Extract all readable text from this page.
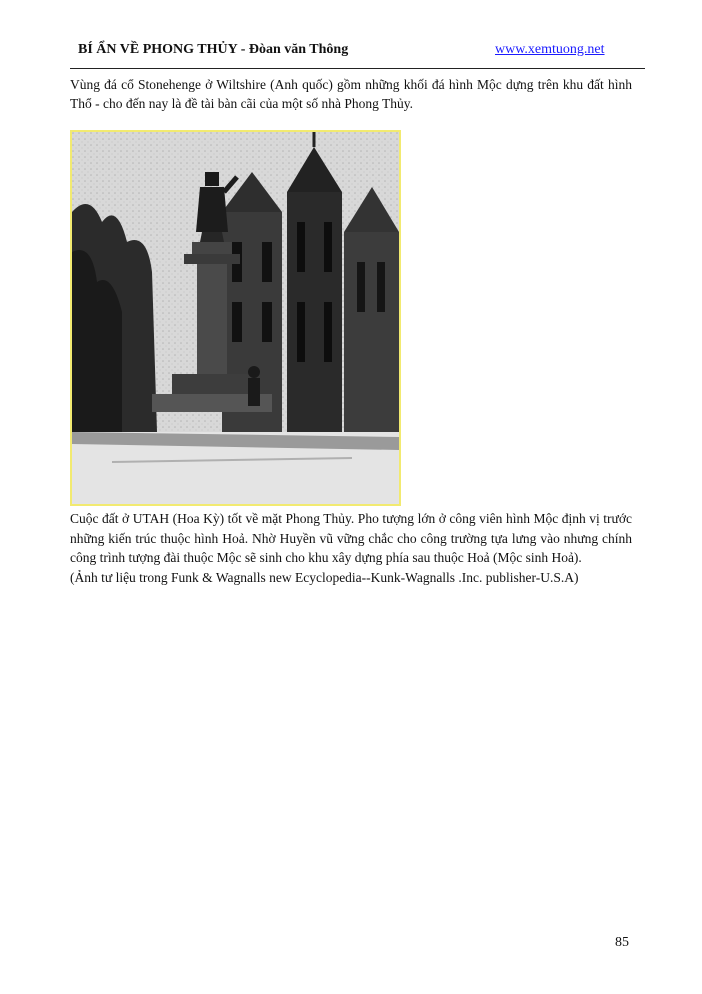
BÍ ẨN VỀ PHONG THỦY - Đòan văn Thông	www.xemtuong.net
Vùng đá cổ Stonehenge ở Wiltshire (Anh quốc) gồm những khối đá hình Mộc dựng trên khu đất hình Thổ - cho đến nay là đề tài bàn cãi của một số nhà Phong Thủy.

Cuộc đất ở UTAH (Hoa Kỳ) tốt về mặt Phong Thủy. Pho tượng lớn ở công viên hình Mộc định vị trước những kiến trúc thuộc hình Hoả. Nhờ Huyền vũ vững chắc cho công trường tựa lưng vào nhưng chính công trình tượng đài thuộc Mộc sẽ sinh cho khu xây dựng phía sau thuộc Hoả (Mộc sinh Hoả).

(Ảnh tư liệu trong Funk & Wagnalls new Ecyclopedia--Kunk-Wagnalls .Inc. publisher-U.S.A)

85
